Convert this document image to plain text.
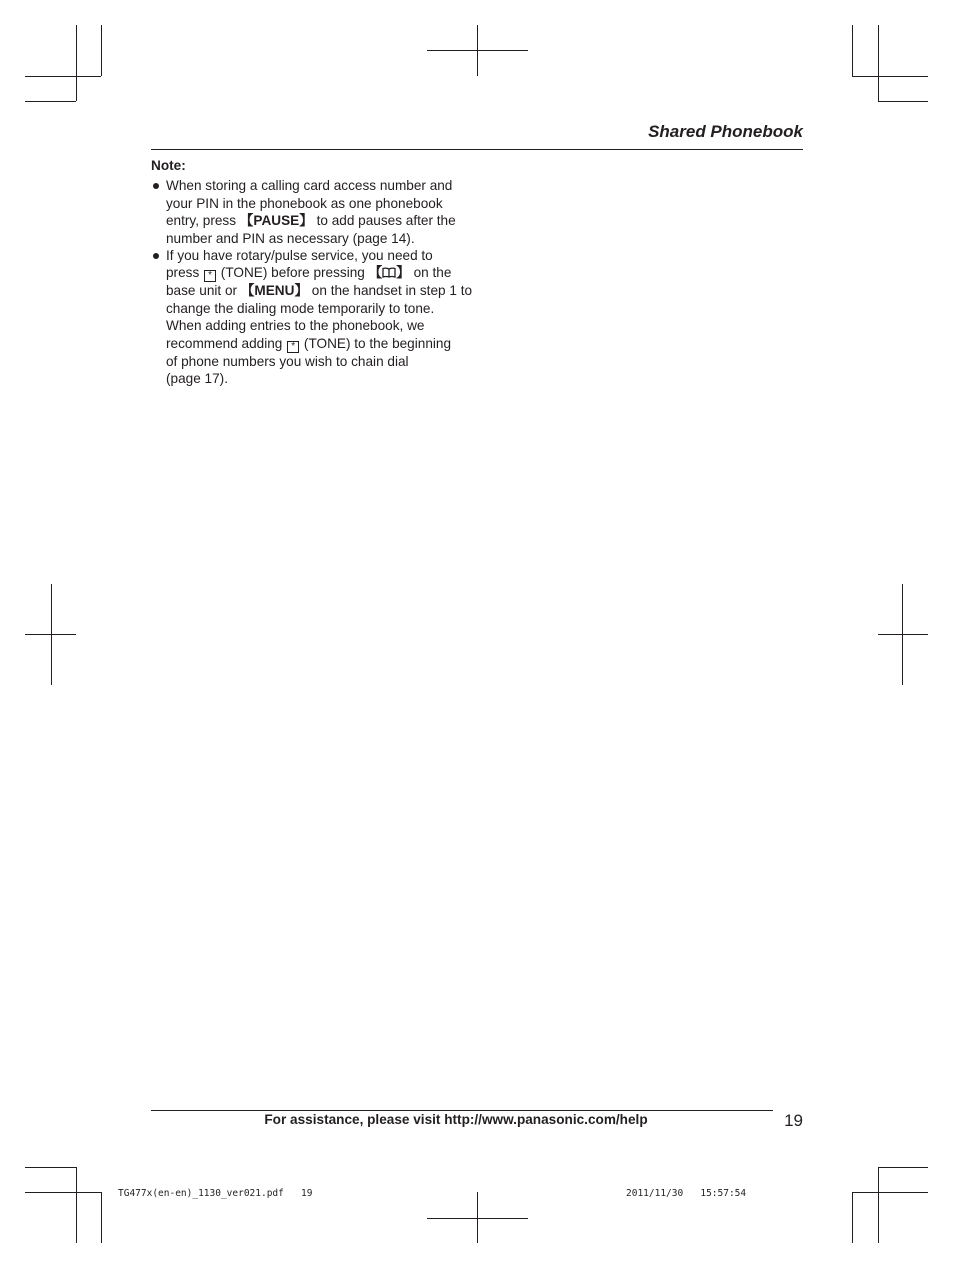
Shared Phonebook
Note:
When storing a calling card access number and
your PIN in the phonebook as one phonebook
entry, press 【PAUSE】 to add pauses after the
number and PIN as necessary (page 14).
If you have rotary/pulse service, you need to
press * (TONE) before pressing 【 】 on the
base unit or 【MENU】 on the handset in step 1 to
change the dialing mode temporarily to tone.
When adding entries to the phonebook, we
recommend adding * (TONE) to the beginning
of phone numbers you wish to chain dial
(page 17).
For assistance, please visit http://www.panasonic.com/help	19
TG477x(en-en)_1130_ver021.pdf   19	2011/11/30   15:57:54
